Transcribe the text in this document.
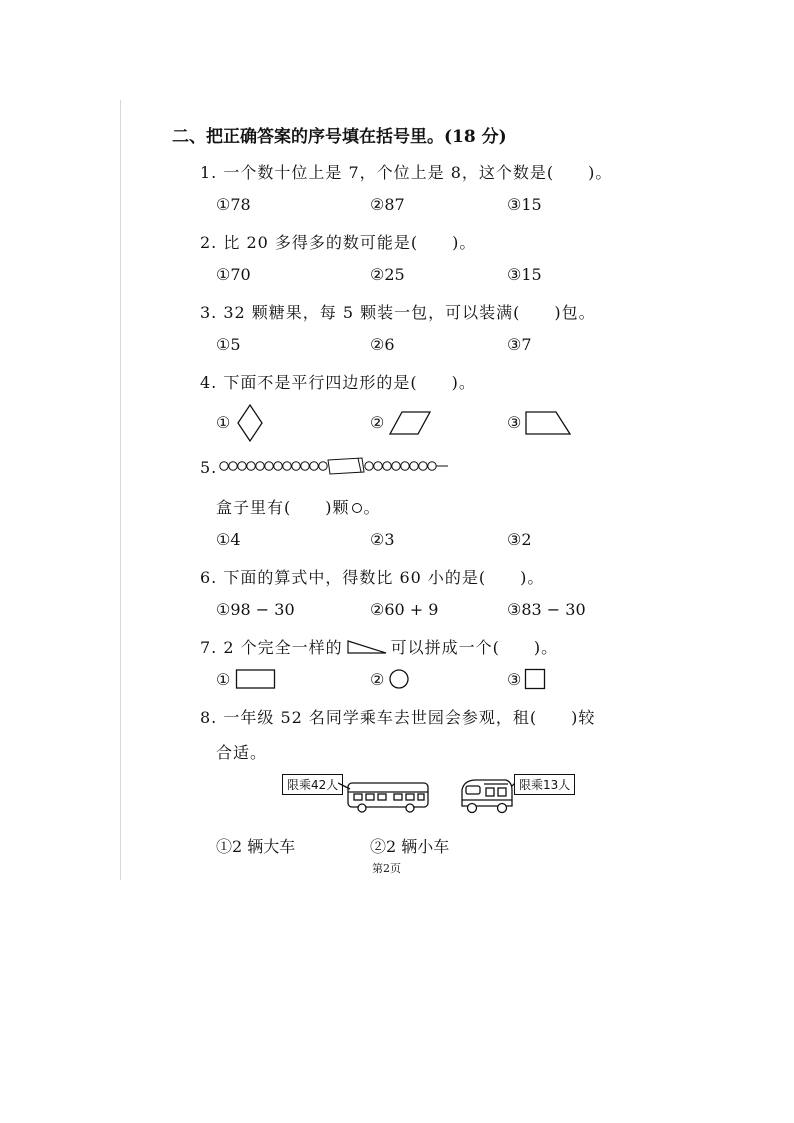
二、把正确答案的序号填在括号里。(18 分)
1. 一个数十位上是 7，个位上是 8，这个数是(　　)。
①78	②87	③15
2. 比 20 多得多的数可能是(　　)。
①70	②25	③15
3. 32 颗糖果，每 5 颗装一包，可以装满(　　)包。
①5	②6	③7
4. 下面不是平行四边形的是(　　)。
①	②	③
5.
盒子里有(　　)颗 。
①4	②3	③2
6. 下面的算式中，得数比 60 小的是(　　)。
①98 − 30	②60 + 9	③83 − 30
7. 2 个完全一样的	可以拼成一个(　　)。
①	②	③
8. 一年级 52 名同学乘车去世园会参观，租(　　)较
合适。
限乘42人	限乘13人
①2 辆大车	②2 辆小车
第2页
